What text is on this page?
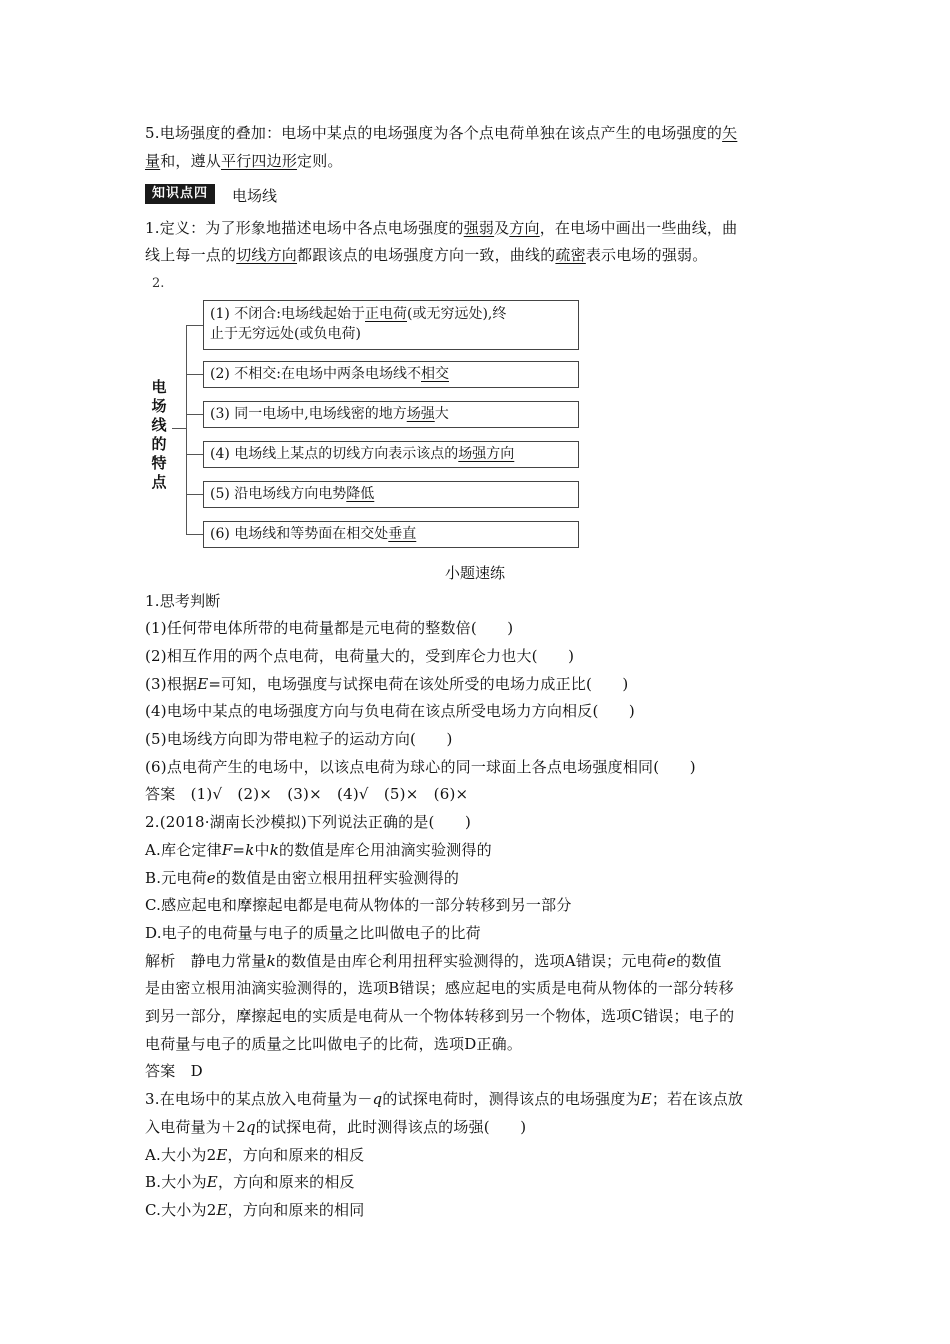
5.电场强度的叠加：电场中某点的电场强度为各个点电荷单独在该点产生的电场强度的矢
量和，遵从平行四边形定则。
知识点四	电场线
1.定义：为了形象地描述电场中各点电场强度的强弱及方向，在电场中画出一些曲线，曲
线上每一点的切线方向都跟该点的电场强度方向一致，曲线的疏密表示电场的强弱。
2.
电
场
线
的
特
点
(1) 不闭合:电场线起始于正电荷(或无穷远处),终
止于无穷远处(或负电荷)
(2) 不相交:在电场中两条电场线不相交
(3) 同一电场中,电场线密的地方场强大
(4) 电场线上某点的切线方向表示该点的场强方向
(5) 沿电场线方向电势降低
(6) 电场线和等势面在相交处垂直
小题速练
1.思考判断
(1)任何带电体所带的电荷量都是元电荷的整数倍(　　)
(2)相互作用的两个点电荷，电荷量大的，受到库仑力也大(　　)
(3)根据E=可知，电场强度与试探电荷在该处所受的电场力成正比(　　)
(4)电场中某点的电场强度方向与负电荷在该点所受电场力方向相反(　　)
(5)电场线方向即为带电粒子的运动方向(　　)
(6)点电荷产生的电场中，以该点电荷为球心的同一球面上各点电场强度相同(　　)
答案　(1)√　(2)×　(3)×　(4)√　(5)×　(6)×
2.(2018·湖南长沙模拟)下列说法正确的是(　　)
A.库仑定律F=k中k的数值是库仑用油滴实验测得的
B.元电荷e的数值是由密立根用扭秤实验测得的
C.感应起电和摩擦起电都是电荷从物体的一部分转移到另一部分
D.电子的电荷量与电子的质量之比叫做电子的比荷
解析　静电力常量k的数值是由库仑利用扭秤实验测得的，选项A错误；元电荷e的数值
是由密立根用油滴实验测得的，选项B错误；感应起电的实质是电荷从物体的一部分转移
到另一部分，摩擦起电的实质是电荷从一个物体转移到另一个物体，选项C错误；电子的
电荷量与电子的质量之比叫做电子的比荷，选项D正确。
答案　D
3.在电场中的某点放入电荷量为－q的试探电荷时，测得该点的电场强度为E；若在该点放
入电荷量为＋2q的试探电荷，此时测得该点的场强(　　)
A.大小为2E，方向和原来的相反
B.大小为E，方向和原来的相反
C.大小为2E，方向和原来的相同
